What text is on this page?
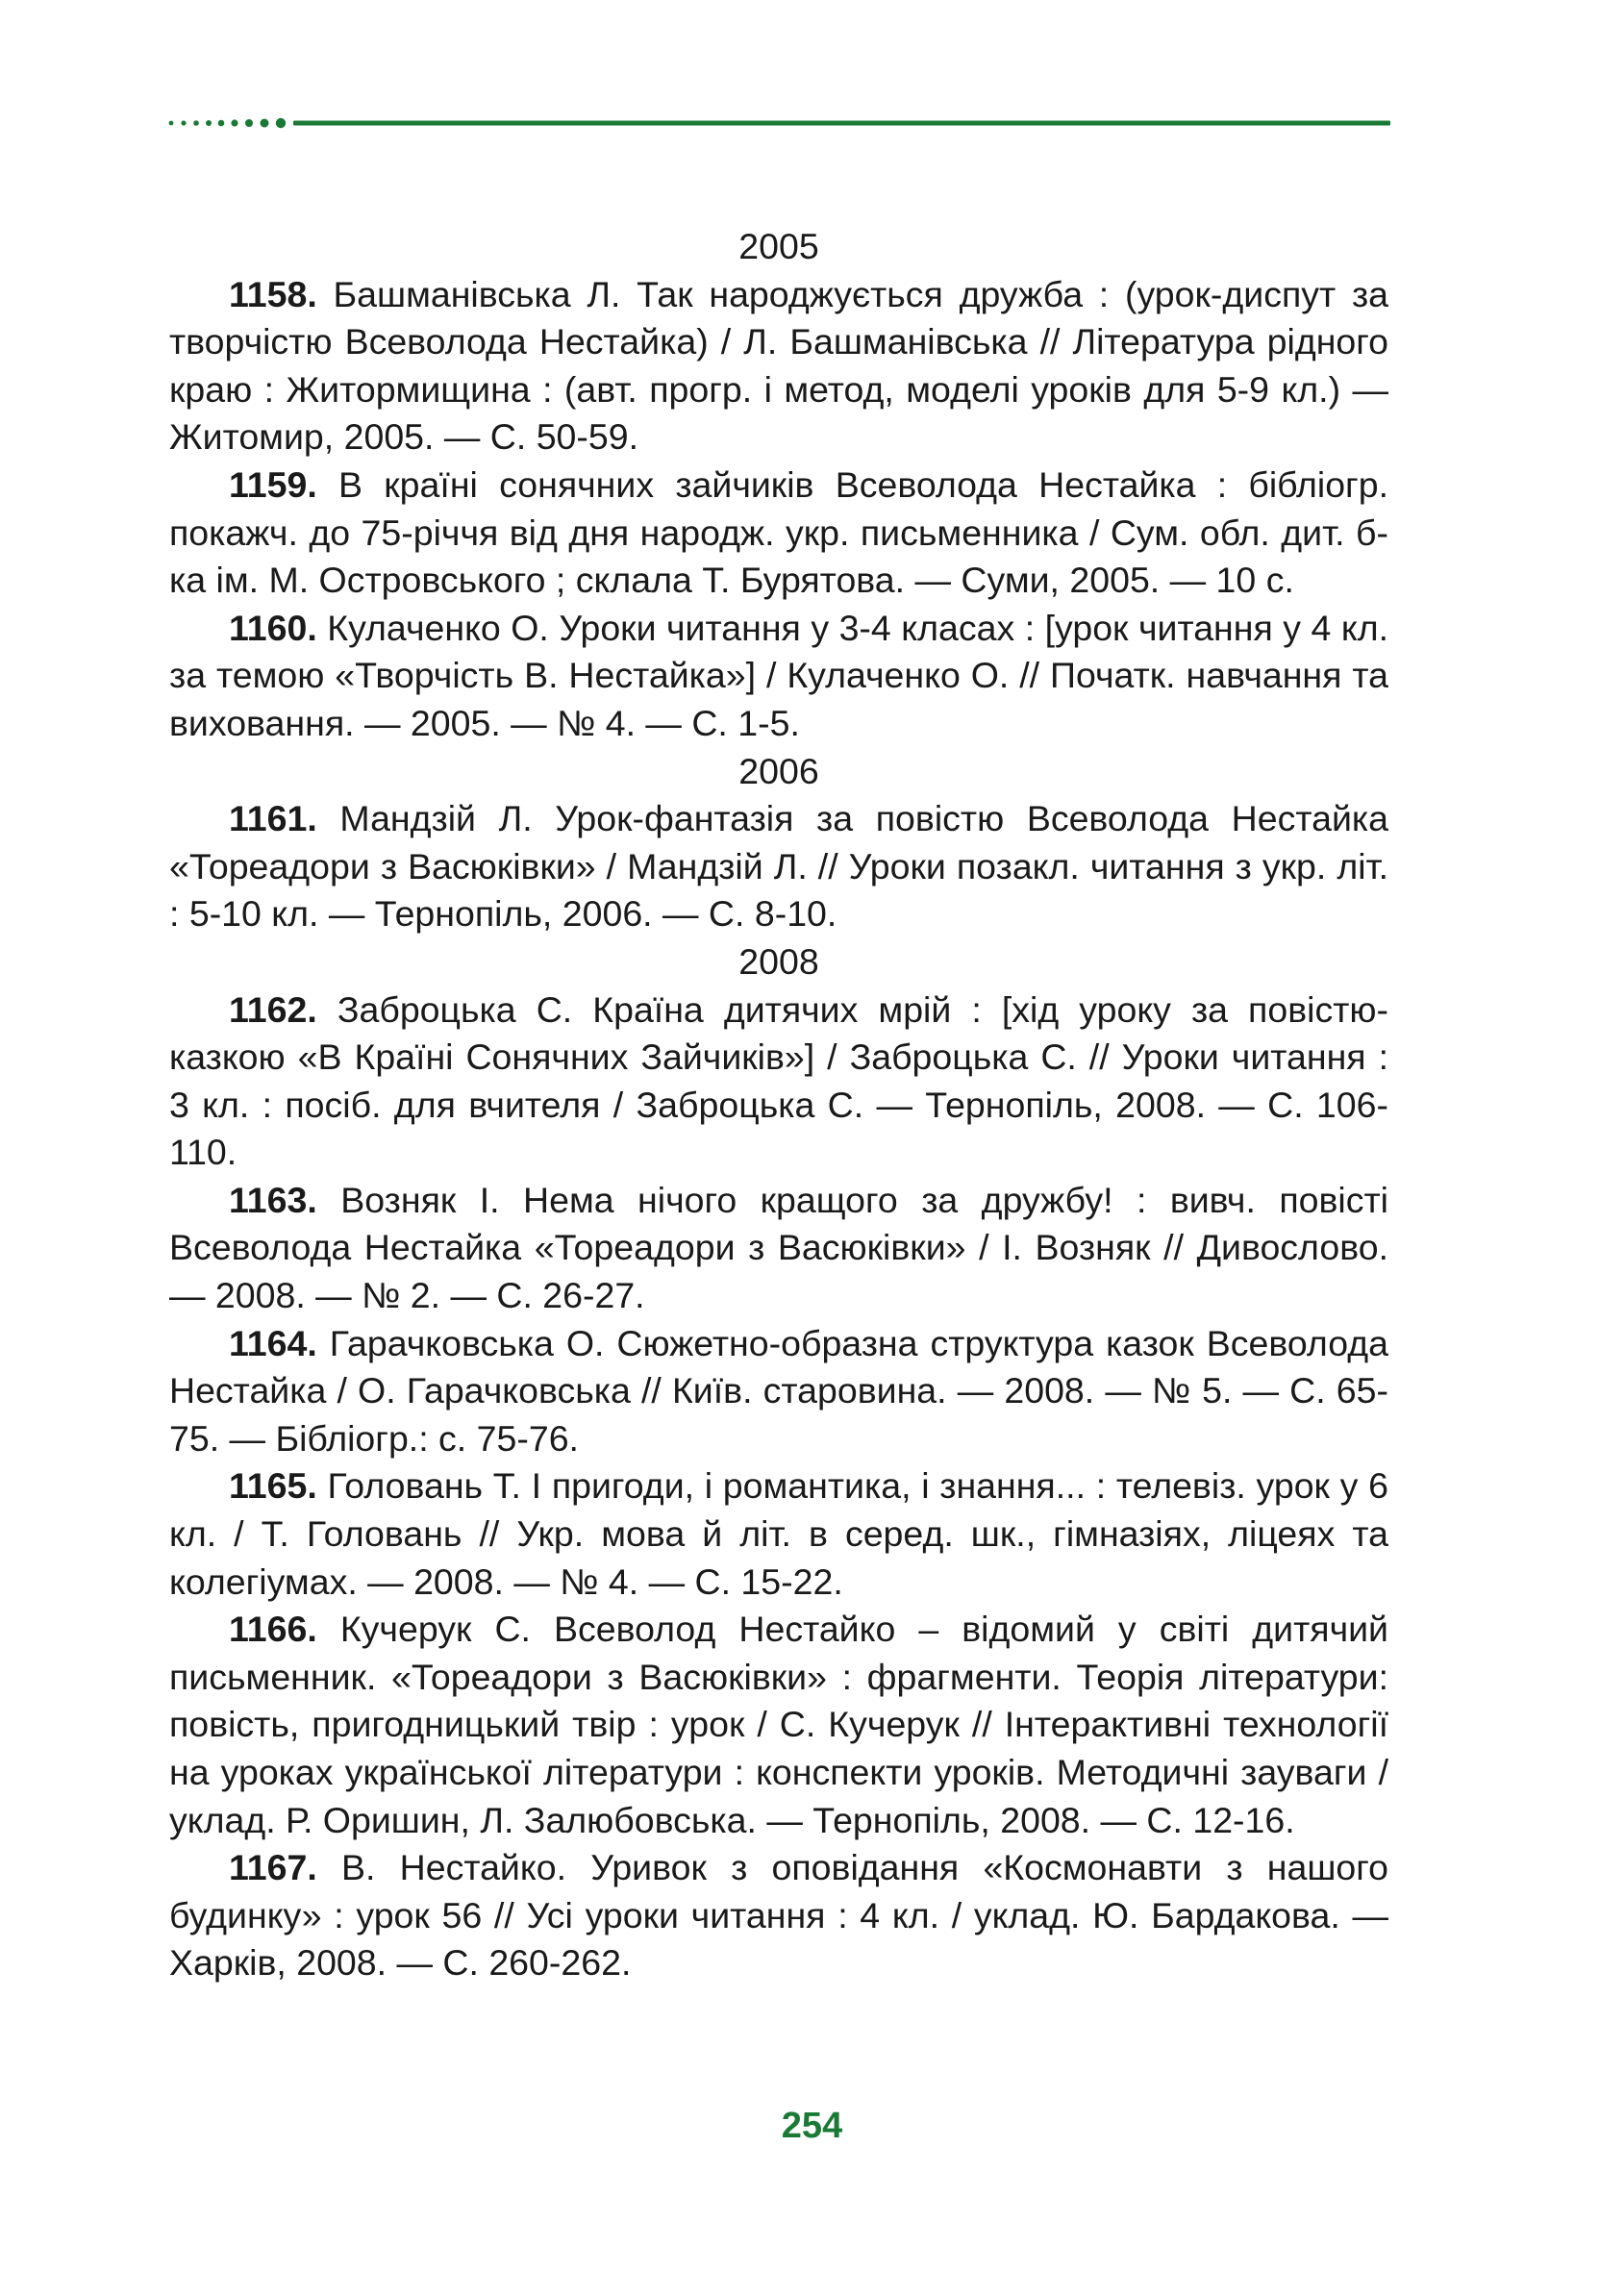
2005

1158. Башманівська Л. Так народжується дружба : (урок-диспут за творчістю Всеволода Нестайка) / Л. Башманівська // Література рідного краю : Житормищина : (авт. прогр. і метод, моделі уроків для 5-9 кл.) — Житомир, 2005. — С. 50-59.

1159. В країні сонячних зайчиків Всеволода Нестайка : бібліогр. покажч. до 75-річчя від дня народж. укр. письменника / Сум. обл. дит. б-ка ім. М. Островського ; склала Т. Бурятова. — Суми, 2005. — 10 с.

1160. Кулаченко О. Уроки читання у 3-4 класах : [урок читання у 4 кл. за темою «Творчість В. Нестайка»] / Кулаченко О. // Початк. навчання та виховання. — 2005. — № 4. — С. 1-5.

2006

1161. Мандзій Л. Урок-фантазія за повістю Всеволода Нестайка «Тореадори з Васюківки» / Мандзій Л. // Уроки позакл. читання з укр. літ. : 5-10 кл. — Тернопіль, 2006. — С. 8-10.

2008

1162. Заброцька С. Країна дитячих мрій : [хід уроку за повістю-казкою «В Країні Сонячних Зайчиків»] / Заброцька С. // Уроки читання : 3 кл. : посіб. для вчителя / Заброцька С. — Тернопіль, 2008. — С. 106-110.

1163. Возняк І. Нема нічого кращого за дружбу! : вивч. повісті Всеволода Нестайка «Тореадори з Васюківки» / І. Возняк // Дивослово. — 2008. — № 2. — С. 26-27.

1164. Гарачковська О. Сюжетно-образна структура казок Всеволода Нестайка / О. Гарачковська // Київ. старовина. — 2008. — № 5. — С. 65-75. — Бібліогр.: с. 75-76.

1165. Головань Т. І пригоди, і романтика, і знання... : телевіз. урок у 6 кл. / Т. Головань // Укр. мова й літ. в серед. шк., гімназіях, ліцеях та колегіумах. — 2008. — № 4. — С. 15-22.

1166. Кучерук С. Всеволод Нестайко – відомий у світі дитячий письменник. «Тореадори з Васюківки» : фрагменти. Теорія літератури: повість, пригодницький твір : урок / С. Кучерук // Інтерактивні технології на уроках української літератури : конспекти уроків. Методичні зауваги / уклад. Р. Оришин, Л. Залюбовська. — Тернопіль, 2008. — С. 12-16.

1167. В. Нестайко. Уривок з оповідання «Космонавти з нашого будинку» : урок 56 // Усі уроки читання : 4 кл. / уклад. Ю. Бардакова. — Харків, 2008. — С. 260-262.

254
